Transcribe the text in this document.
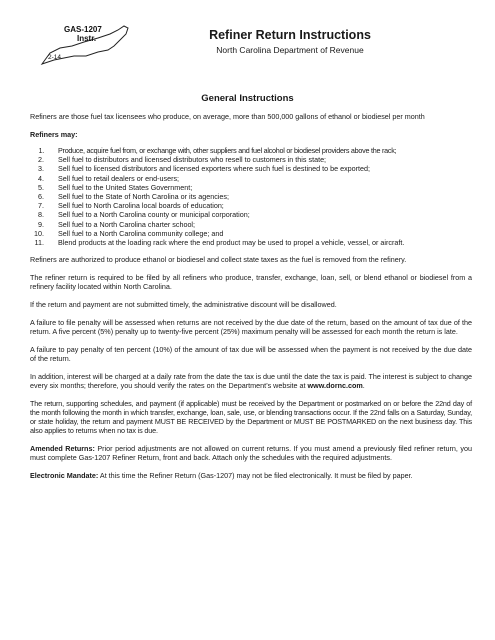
GAS-1207
Instr.
2-14
Refiner Return Instructions
North Carolina Department of Revenue
General Instructions

Refiners are those fuel tax licensees who produce, on average, more than 500,000 gallons of ethanol or biodiesel per month

Refiners may:
1. Produce, acquire fuel from, or exchange with, other suppliers and fuel alcohol or biodiesel providers above the rack;
2. Sell fuel to distributors and licensed distributors who resell to customers in this state;
3. Sell fuel to licensed distributors and licensed exporters where such fuel is destined to be exported;
4. Sell fuel to retail dealers or end-users;
5. Sell fuel to the United States Government;
6. Sell fuel to the State of North Carolina or its agencies;
7. Sell fuel to North Carolina local boards of education;
8. Sell fuel to a North Carolina county or municipal corporation;
9. Sell fuel to a North Carolina charter school;
10. Sell fuel to a North Carolina community college; and
11. Blend products at the loading rack where the end product may be used to propel a vehicle, vessel, or aircraft.

Refiners are authorized to produce ethanol or biodiesel and collect state taxes as the fuel is removed from the refinery.

The refiner return is required to be filed by all refiners who produce, transfer, exchange, loan, sell, or blend ethanol or biodiesel from a refinery facility located within North Carolina.

If the return and payment are not submitted timely, the administrative discount will be disallowed.

A failure to file penalty will be assessed when returns are not received by the due date of the return, based on the amount of tax due of the return. A five percent (5%) penalty up to twenty-five percent (25%) maximum penalty will be assessed for each month the return is late.

A failure to pay penalty of ten percent (10%) of the amount of tax due will be assessed when the payment is not received by the due date of the return.

In addition, interest will be charged at a daily rate from the date the tax is due until the date the tax is paid. The interest is subject to change every six months; therefore, you should verify the rates on the Department’s website at www.dornc.com.

The return, supporting schedules, and payment (if applicable) must be received by the Department or postmarked on or before the 22nd day of the month following the month in which transfer, exchange, loan, sale, use, or blending transactions occur. If the 22nd falls on a Saturday, Sunday, or state holiday, the return and payment MUST BE RECEIVED by the Department or MUST BE POSTMARKED on the next business day. This also applies to returns when no tax is due.

Amended Returns: Prior period adjustments are not allowed on current returns. If you must amend a previously filed refiner return, you must complete Gas-1207 Refiner Return, front and back. Attach only the schedules with the required adjustments.

Electronic Mandate: At this time the Refiner Return (Gas-1207) may not be filed electronically. It must be filed by paper.
